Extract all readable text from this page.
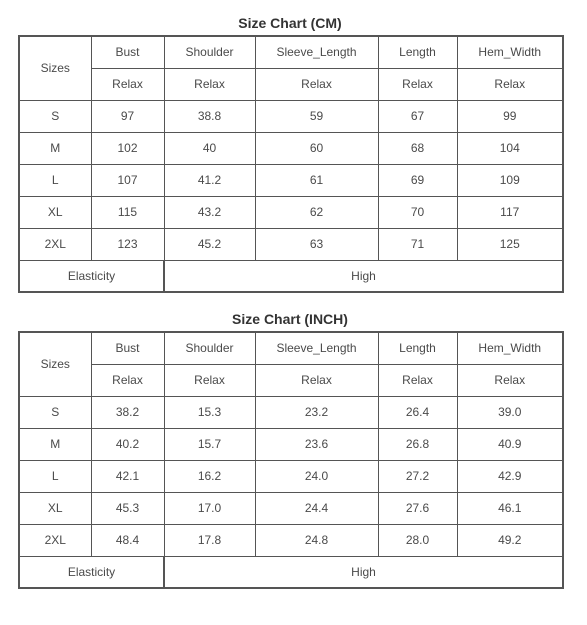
Size Chart (CM)
Sizes	Bust	Shoulder	Sleeve_Length	Length	Hem_Width
	Relax	Relax	Relax	Relax	Relax
S	97	38.8	59	67	99
M	102	40	60	68	104
L	107	41.2	61	69	109
XL	115	43.2	62	70	117
2XL	123	45.2	63	71	125
Elasticity		High			
Size Chart (INCH)
Sizes	Bust	Shoulder	Sleeve_Length	Length	Hem_Width
	Relax	Relax	Relax	Relax	Relax
S	38.2	15.3	23.2	26.4	39.0
M	40.2	15.7	23.6	26.8	40.9
L	42.1	16.2	24.0	27.2	42.9
XL	45.3	17.0	24.4	27.6	46.1
2XL	48.4	17.8	24.8	28.0	49.2
Elasticity		High			
